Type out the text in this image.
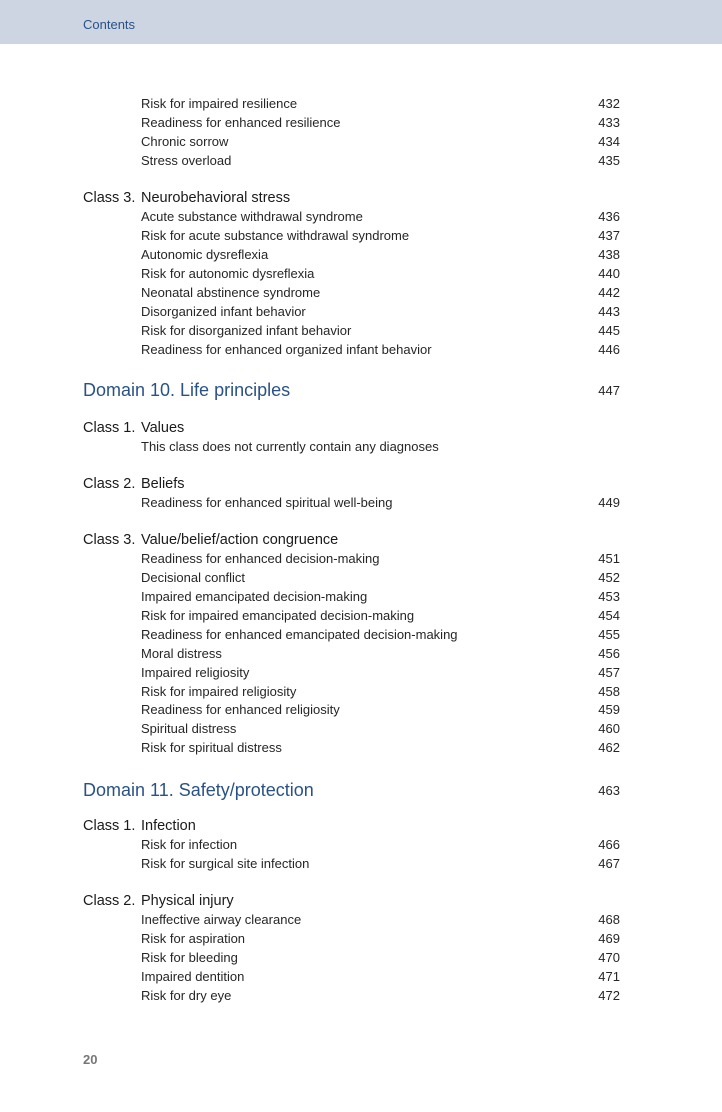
Contents
Risk for impaired resilience	432
Readiness for enhanced resilience	433
Chronic sorrow	434
Stress overload	435
Class 3. Neurobehavioral stress
Acute substance withdrawal syndrome	436
Risk for acute substance withdrawal syndrome	437
Autonomic dysreflexia	438
Risk for autonomic dysreflexia	440
Neonatal abstinence syndrome	442
Disorganized infant behavior	443
Risk for disorganized infant behavior	445
Readiness for enhanced organized infant behavior	446
Domain 10. Life principles	447
Class 1. Values
This class does not currently contain any diagnoses
Class 2. Beliefs
Readiness for enhanced spiritual well-being	449
Class 3. Value/belief/action congruence
Readiness for enhanced decision-making	451
Decisional conflict	452
Impaired emancipated decision-making	453
Risk for impaired emancipated decision-making	454
Readiness for enhanced emancipated decision-making	455
Moral distress	456
Impaired religiosity	457
Risk for impaired religiosity	458
Readiness for enhanced religiosity	459
Spiritual distress	460
Risk for spiritual distress	462
Domain 11. Safety/protection	463
Class 1. Infection
Risk for infection	466
Risk for surgical site infection	467
Class 2. Physical injury
Ineffective airway clearance	468
Risk for aspiration	469
Risk for bleeding	470
Impaired dentition	471
Risk for dry eye	472
20
